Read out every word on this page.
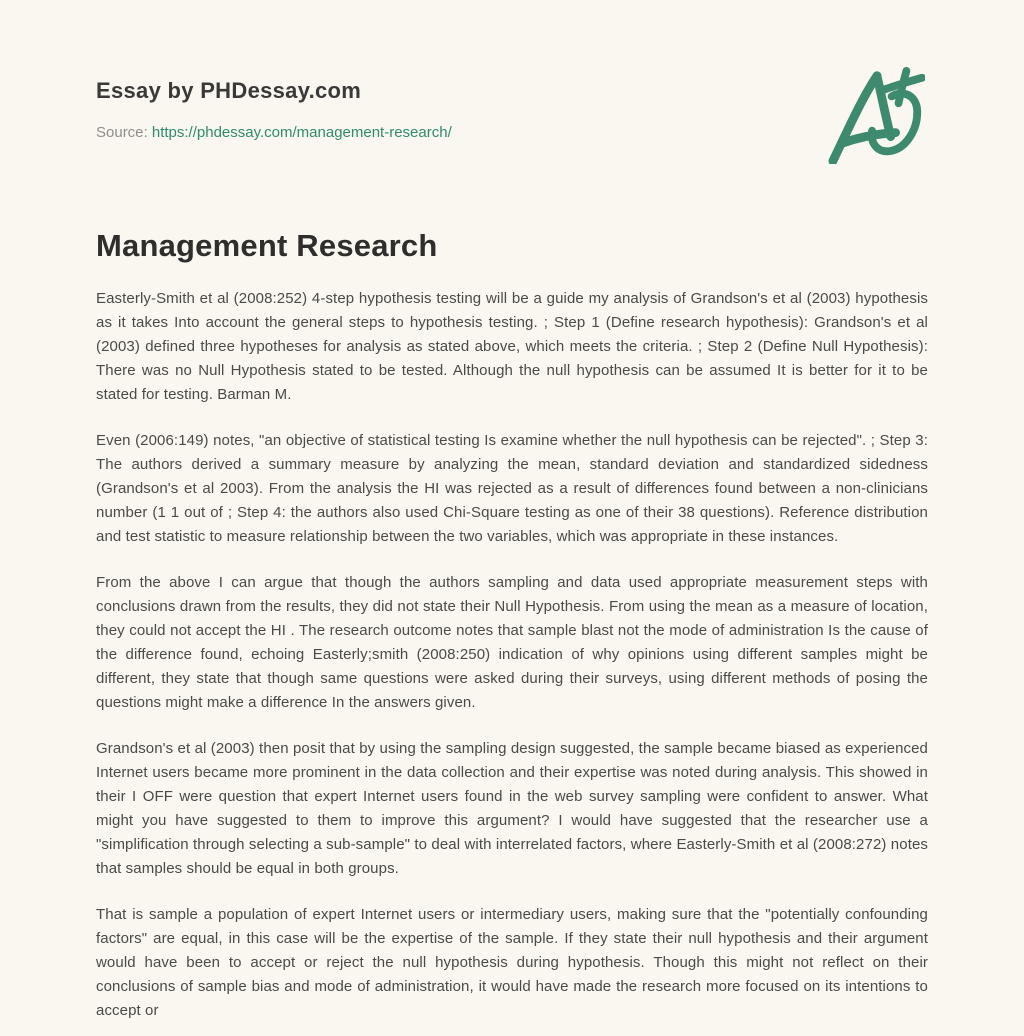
Essay by PHDessay.com
Source: https://phdessay.com/management-research/
Management Research

Easterly-Smith et al (2008:252) 4-step hypothesis testing will be a guide my analysis of Grandson's et al (2003) hypothesis as it takes Into account the general steps to hypothesis testing. ; Step 1 (Define research hypothesis): Grandson's et al (2003) defined three hypotheses for analysis as stated above, which meets the criteria. ; Step 2 (Define Null Hypothesis): There was no Null Hypothesis stated to be tested. Although the null hypothesis can be assumed It is better for it to be stated for testing. Barman M.

Even (2006:149) notes, "an objective of statistical testing Is examine whether the null hypothesis can be rejected". ; Step 3: The authors derived a summary measure by analyzing the mean, standard deviation and standardized sidedness (Grandson's et al 2003). From the analysis the HI was rejected as a result of differences found between a non-clinicians number (1 1 out of ; Step 4: the authors also used Chi-Square testing as one of their 38 questions). Reference distribution and test statistic to measure relationship between the two variables, which was appropriate in these instances.

From the above I can argue that though the authors sampling and data used appropriate measurement steps with conclusions drawn from the results, they did not state their Null Hypothesis. From using the mean as a measure of location, they could not accept the HI . The research outcome notes that sample blast not the mode of administration Is the cause of the difference found, echoing Easterly;smith (2008:250) indication of why opinions using different samples might be different, they state that though same questions were asked during their surveys, using different methods of posing the questions might make a difference In the answers given.

Grandson's et al (2003) then posit that by using the sampling design suggested, the sample became biased as experienced Internet users became more prominent in the data collection and their expertise was noted during analysis. This showed in their I OFF were question that expert Internet users found in the web survey sampling were confident to answer. What might you have suggested to them to improve this argument? I would have suggested that the researcher use a "simplification through selecting a sub-sample" to deal with interrelated factors, where Easterly-Smith et al (2008:272) notes that samples should be equal in both groups.

That is sample a population of expert Internet users or intermediary users, making sure that the "potentially confounding factors" are equal, in this case will be the expertise of the sample. If they state their null hypothesis and their argument would have been to accept or reject the null hypothesis during hypothesis. Though this might not reflect on their conclusions of sample bias and mode of administration, it would have made the research more focused on its intentions to accept or
